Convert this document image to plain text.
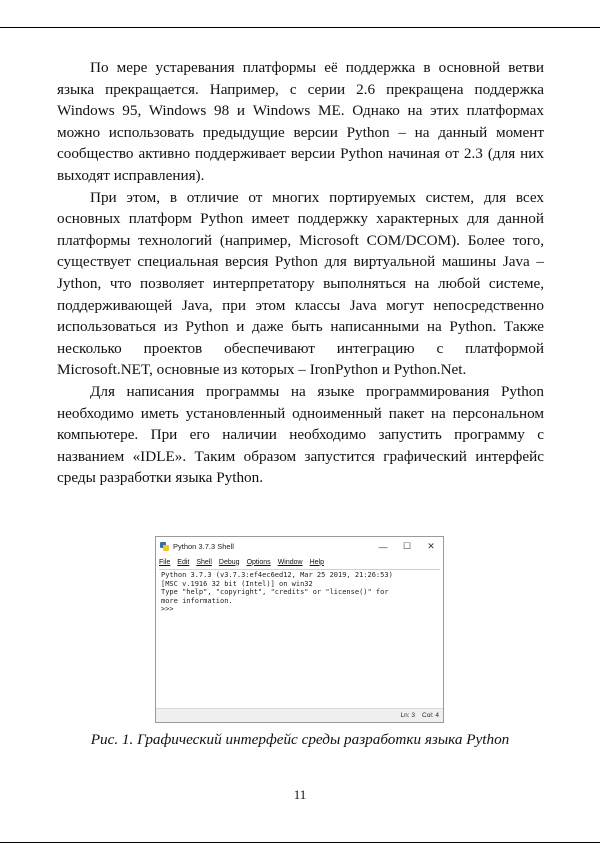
По мере устаревания платформы её поддержка в основной ветви языка прекращается. Например, с серии 2.6 прекращена поддержка Windows 95, Windows 98 и Windows ME. Однако на этих платформах можно использовать предыдущие версии Python – на данный момент сообщество активно поддерживает версии Python начиная от 2.3 (для них выходят исправления).

При этом, в отличие от многих портируемых систем, для всех основных платформ Python имеет поддержку характерных для данной платформы технологий (например, Microsoft COM/DCOM). Более того, существует специальная версия Python для виртуальной машины Java – Jython, что позволяет интерпретатору выполняться на любой системе, поддерживающей Java, при этом классы Java могут непосредственно использоваться из Python и даже быть написанными на Python. Также несколько проектов обеспечивают интеграцию с платформой Microsoft.NET, основные из которых – IronPython и Python.Net.

Для написания программы на языке программирования Python необходимо иметь установленный одноименный пакет на персональном компьютере. При его наличии необходимо запустить программу с названием «IDLE». Таким образом запустится графический интерфейс среды разработки языка Python.

Python 3.7.3 Shell	—	☐	✕
File Edit Shell Debug Options Window Help
Python 3.7.3 (v3.7.3:ef4ec6ed12, Mar 25 2019, 21:26:53)
[MSC v.1916 32 bit (Intel)] on win32
Type "help", "copyright", "credits" or "license()" for
more information.
>>>
Ln: 3 Col: 4
Рис. 1. Графический интерфейс среды разработки языка Python
11
